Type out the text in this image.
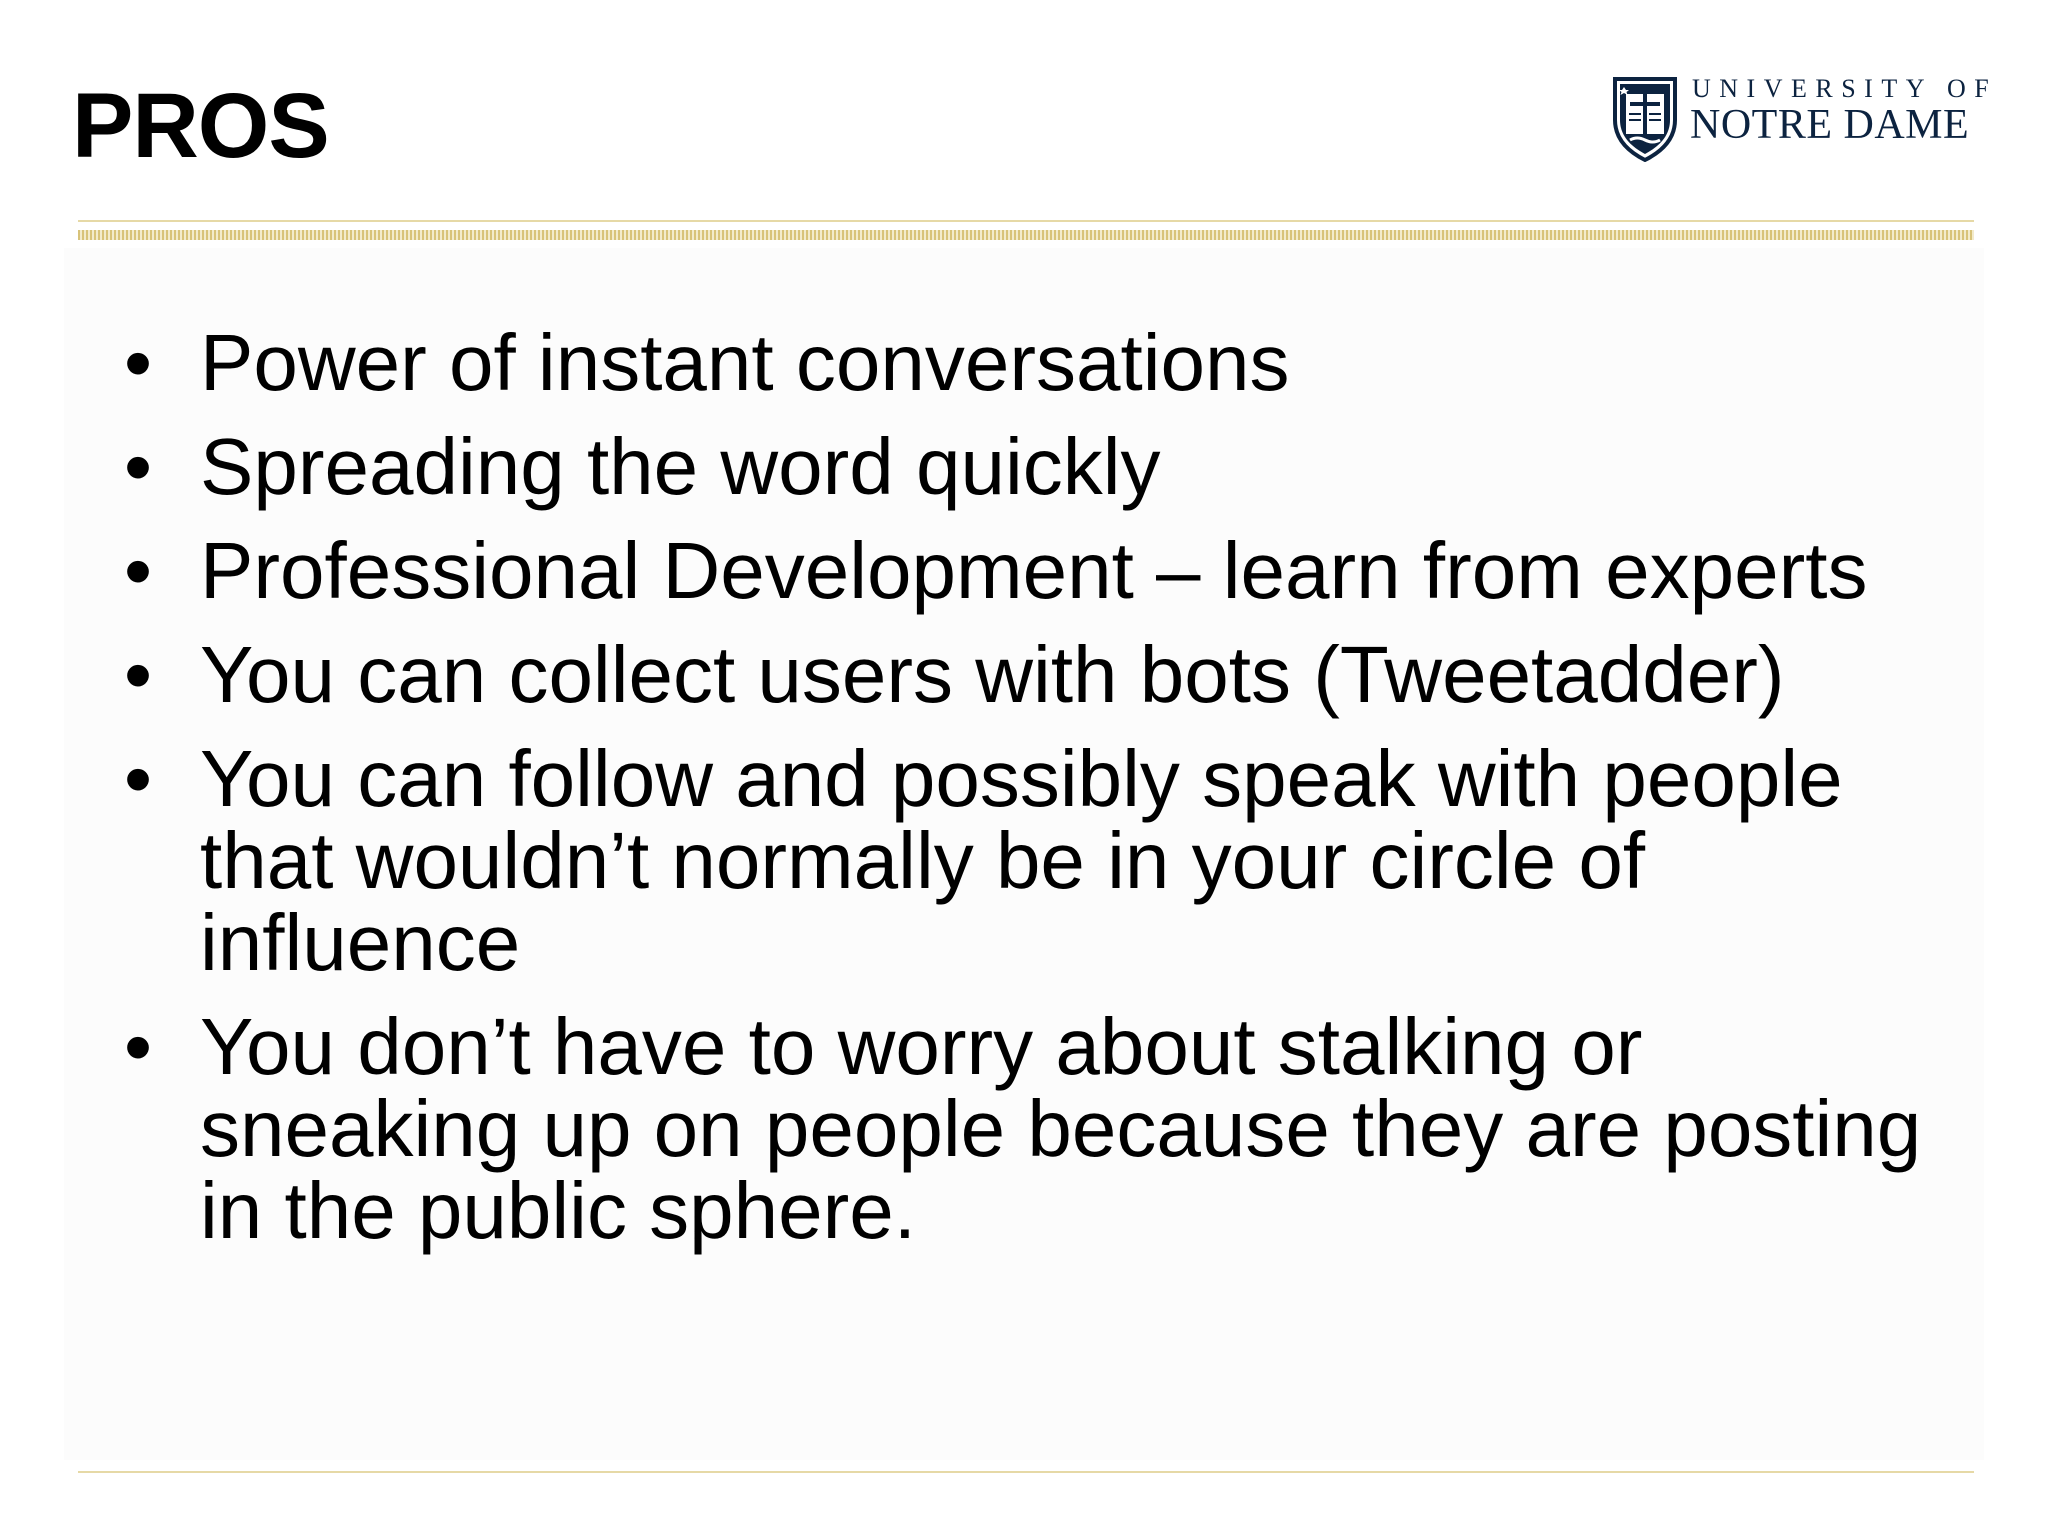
PROS	UNIVERSITY OF
NOTRE DAME
• Power of instant conversations
• Spreading the word quickly
• Professional Development – learn from experts
• You can collect users with bots (Tweetadder)
• You can follow and possibly speak with people that wouldn’t normally be in your circle of influence
• You don’t have to worry about stalking or sneaking up on people because they are posting in the public sphere.
